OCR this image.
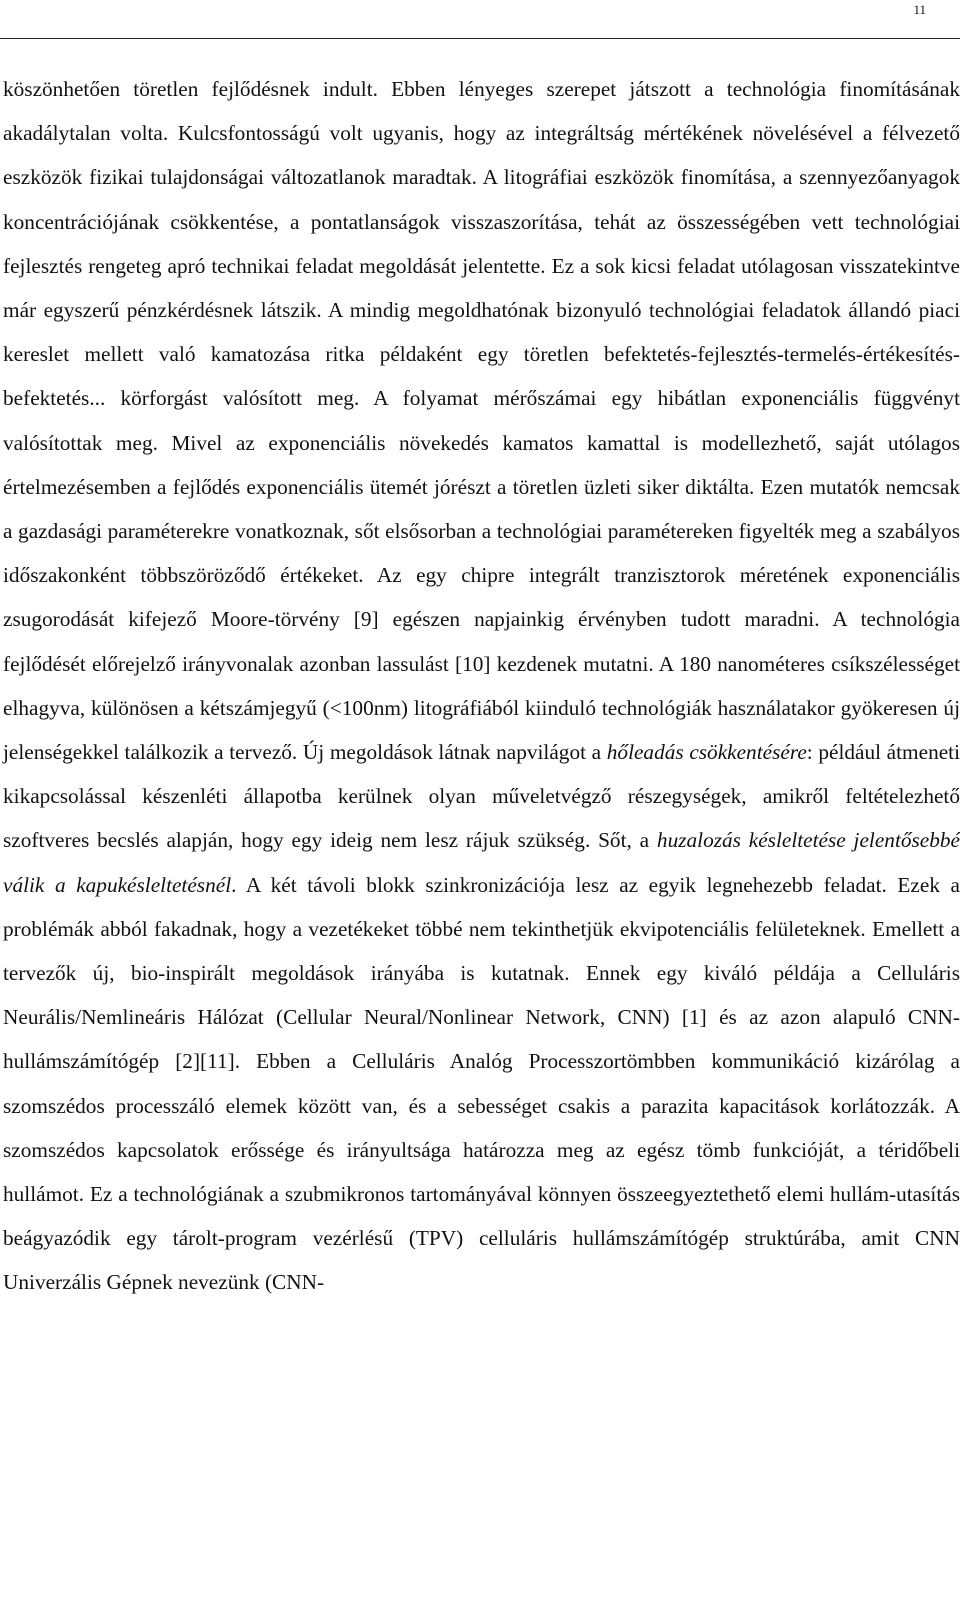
11

köszönhetően töretlen fejlődésnek indult. Ebben lényeges szerepet játszott a technológia finomításának akadálytalan volta. Kulcsfontosságú volt ugyanis, hogy az integráltság mértékének növelésével a félvezető eszközök fizikai tulajdonságai változatlanok maradtak. A litográfiai eszközök finomítása, a szennyezőanyagok koncentrációjának csökkentése, a pontatlanságok visszaszorítása, tehát az összességében vett technológiai fejlesztés rengeteg apró technikai feladat megoldását jelentette. Ez a sok kicsi feladat utólagosan visszatekintve már egyszerű pénzkérdésnek látszik. A mindig megoldhatónak bizonyuló technológiai feladatok állandó piaci kereslet mellett való kamatozása ritka példaként egy töretlen befektetés-fejlesztés-termelés-értékesítés-befektetés... körforgást valósított meg. A folyamat mérőszámai egy hibátlan exponenciális függvényt valósítottak meg. Mivel az exponenciális növekedés kamatos kamattal is modellezhető, saját utólagos értelmezésemben a fejlődés exponenciális ütemét jórészt a töretlen üzleti siker diktálta. Ezen mutatók nemcsak a gazdasági paraméterekre vonatkoznak, sőt elsősorban a technológiai paramétereken figyelték meg a szabályos időszakonként többszöröződő értékeket. Az egy chipre integrált tranzisztorok méretének exponenciális zsugorodását kifejező Moore-törvény [9] egészen napjainkig érvényben tudott maradni. A technológia fejlődését előrejelző irányvonalak azonban lassulást [10] kezdenek mutatni. A 180 nanométeres csíkszélességet elhagyva, különösen a kétszámjegyű (<100nm) litográfiából kiinduló technológiák használatakor gyökeresen új jelenségekkel találkozik a tervező. Új megoldások látnak napvilágot a hőleadás csökkentésére: például átmeneti kikapcsolással készenléti állapotba kerülnek olyan műveletvégző részegységek, amikről feltételezhető szoftveres becslés alapján, hogy egy ideig nem lesz rájuk szükség. Sőt, a huzalozás késleltetése jelentősebbé válik a kapukésleltetésnél. A két távoli blokk szinkronizációja lesz az egyik legnehezebb feladat. Ezek a problémák abból fakadnak, hogy a vezetékeket többé nem tekinthetjük ekvipotenciális felületeknek. Emellett a tervezők új, bio-inspirált megoldások irányába is kutatnak. Ennek egy kiváló példája a Celluláris Neurális/Nemlineáris Hálózat (Cellular Neural/Nonlinear Network, CNN) [1] és az azon alapuló CNN-hullámszámítógép [2][11]. Ebben a Celluláris Analóg Processzortömbben kommunikáció kizárólag a szomszédos processzáló elemek között van, és a sebességet csakis a parazita kapacitások korlátozzák. A szomszédos kapcsolatok erőssége és irányultsága határozza meg az egész tömb funkcióját, a téridőbeli hullámot. Ez a technológiának a szubmikronos tartományával könnyen összeegyeztethető elemi hullám-utasítás beágyazódik egy tárolt-program vezérlésű (TPV) celluláris hullámszámítógép struktúrába, amit CNN Univerzális Gépnek nevezünk (CNN-
